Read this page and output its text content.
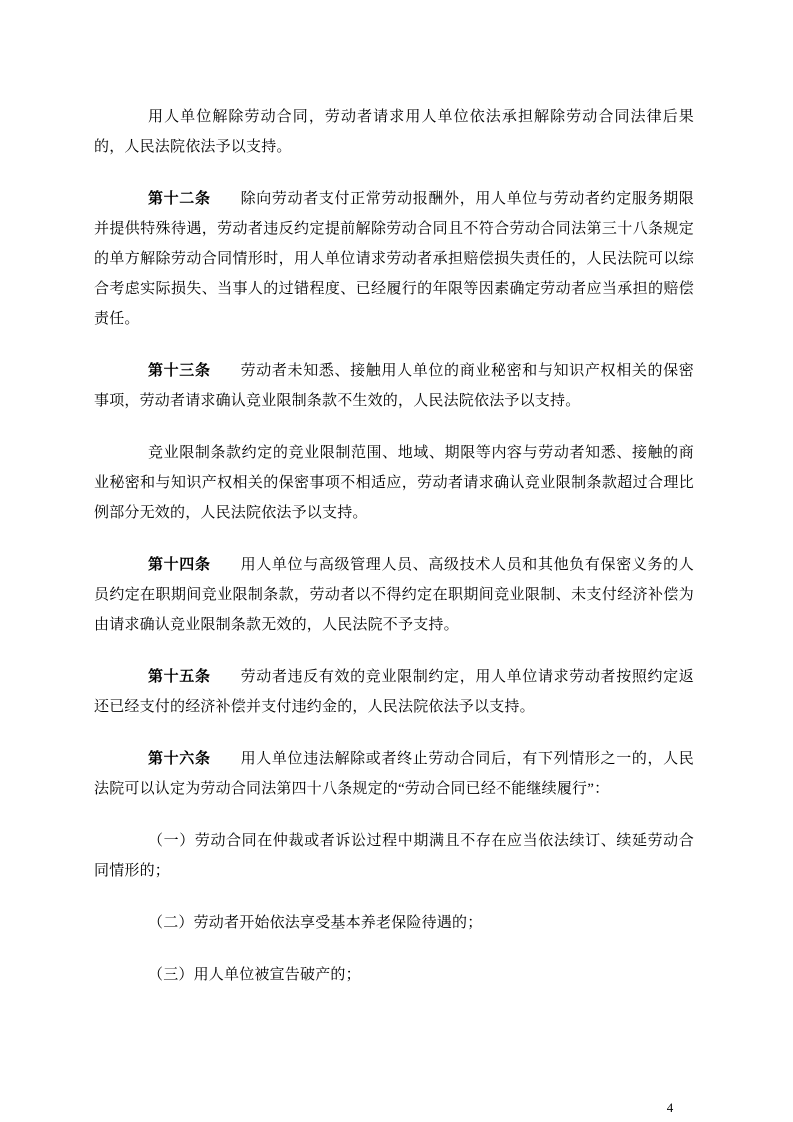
用人单位解除劳动合同，劳动者请求用人单位依法承担解除劳动合同法律后果的，人民法院依法予以支持。

第十二条 除向劳动者支付正常劳动报酬外，用人单位与劳动者约定服务期限并提供特殊待遇，劳动者违反约定提前解除劳动合同且不符合劳动合同法第三十八条规定的单方解除劳动合同情形时，用人单位请求劳动者承担赔偿损失责任的，人民法院可以综合考虑实际损失、当事人的过错程度、已经履行的年限等因素确定劳动者应当承担的赔偿责任。

第十三条 劳动者未知悉、接触用人单位的商业秘密和与知识产权相关的保密事项，劳动者请求确认竞业限制条款不生效的，人民法院依法予以支持。

竞业限制条款约定的竞业限制范围、地域、期限等内容与劳动者知悉、接触的商业秘密和与知识产权相关的保密事项不相适应，劳动者请求确认竞业限制条款超过合理比例部分无效的，人民法院依法予以支持。

第十四条 用人单位与高级管理人员、高级技术人员和其他负有保密义务的人员约定在职期间竞业限制条款，劳动者以不得约定在职期间竞业限制、未支付经济补偿为由请求确认竞业限制条款无效的，人民法院不予支持。

第十五条 劳动者违反有效的竞业限制约定，用人单位请求劳动者按照约定返还已经支付的经济补偿并支付违约金的，人民法院依法予以支持。

第十六条 用人单位违法解除或者终止劳动合同后，有下列情形之一的，人民法院可以认定为劳动合同法第四十八条规定的“劳动合同已经不能继续履行”：

（一）劳动合同在仲裁或者诉讼过程中期满且不存在应当依法续订、续延劳动合同情形的；

（二）劳动者开始依法享受基本养老保险待遇的；

（三）用人单位被宣告破产的；

4
